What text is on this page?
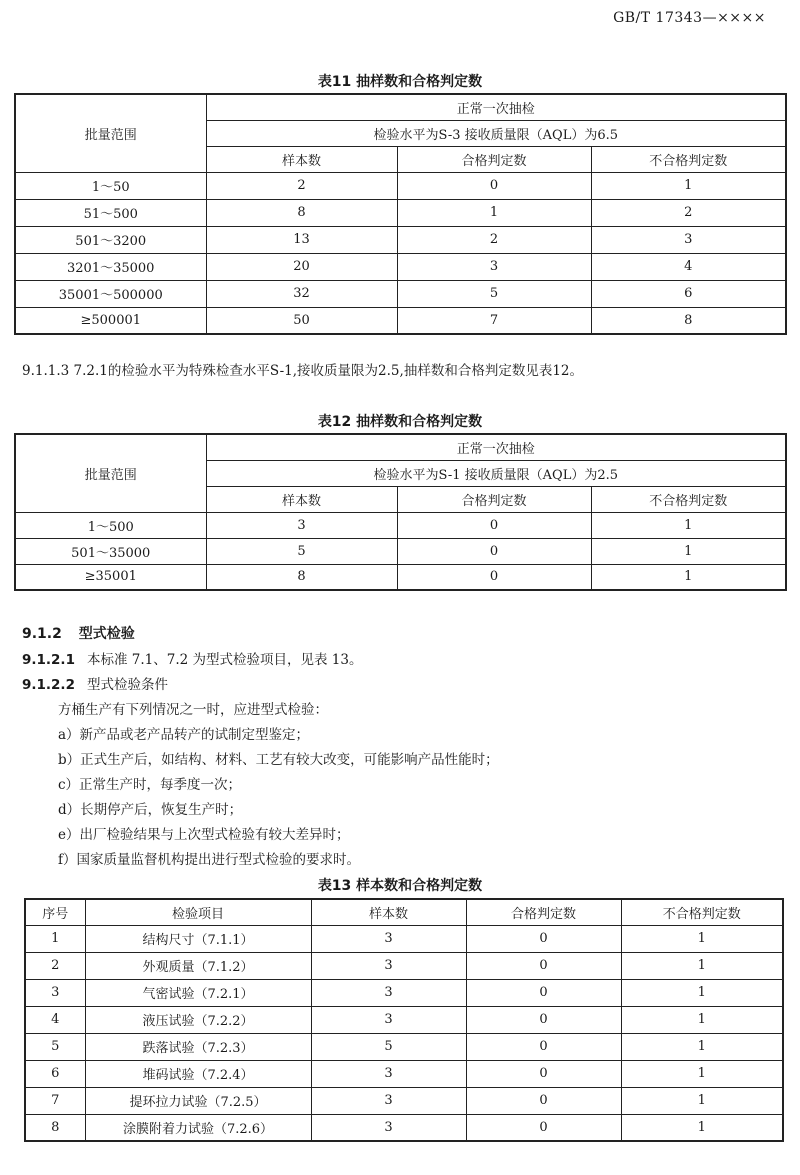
GB/T 17343—××××
表11 抽样数和合格判定数
批量范围	正常一次抽检		
	检验水平为S-3 接收质量限（AQL）为6.5		
	样本数	合格判定数	不合格判定数
1～50	2	0	1
51～500	8	1	2
501～3200	13	2	3
3201～35000	20	3	4
35001～500000	32	5	6
≥500001	50	7	8
9.1.1.3 7.2.1的检验水平为特殊检查水平S-1,接收质量限为2.5,抽样数和合格判定数见表12。
表12 抽样数和合格判定数
批量范围	正常一次抽检		
	检验水平为S-1 接收质量限（AQL）为2.5		
	样本数	合格判定数	不合格判定数
1～500	3	0	1
501～35000	5	0	1
≥35001	8	0	1
9.1.2 型式检验
9.1.2.1 本标准 7.1、7.2 为型式检验项目，见表 13。
9.1.2.2 型式检验条件
方桶生产有下列情况之一时，应进型式检验：
a）新产品或老产品转产的试制定型鉴定；
b）正式生产后，如结构、材料、工艺有较大改变，可能影响产品性能时；
c）正常生产时，每季度一次；
d）长期停产后，恢复生产时；
e）出厂检验结果与上次型式检验有较大差异时；
f）国家质量监督机构提出进行型式检验的要求时。
表13 样本数和合格判定数
序号	检验项目	样本数	合格判定数	不合格判定数
1	结构尺寸（7.1.1）	3	0	1
2	外观质量（7.1.2）	3	0	1
3	气密试验（7.2.1）	3	0	1
4	液压试验（7.2.2）	3	0	1
5	跌落试验（7.2.3）	5	0	1
6	堆码试验（7.2.4）	3	0	1
7	提环拉力试验（7.2.5）	3	0	1
8	涂膜附着力试验（7.2.6）	3	0	1
